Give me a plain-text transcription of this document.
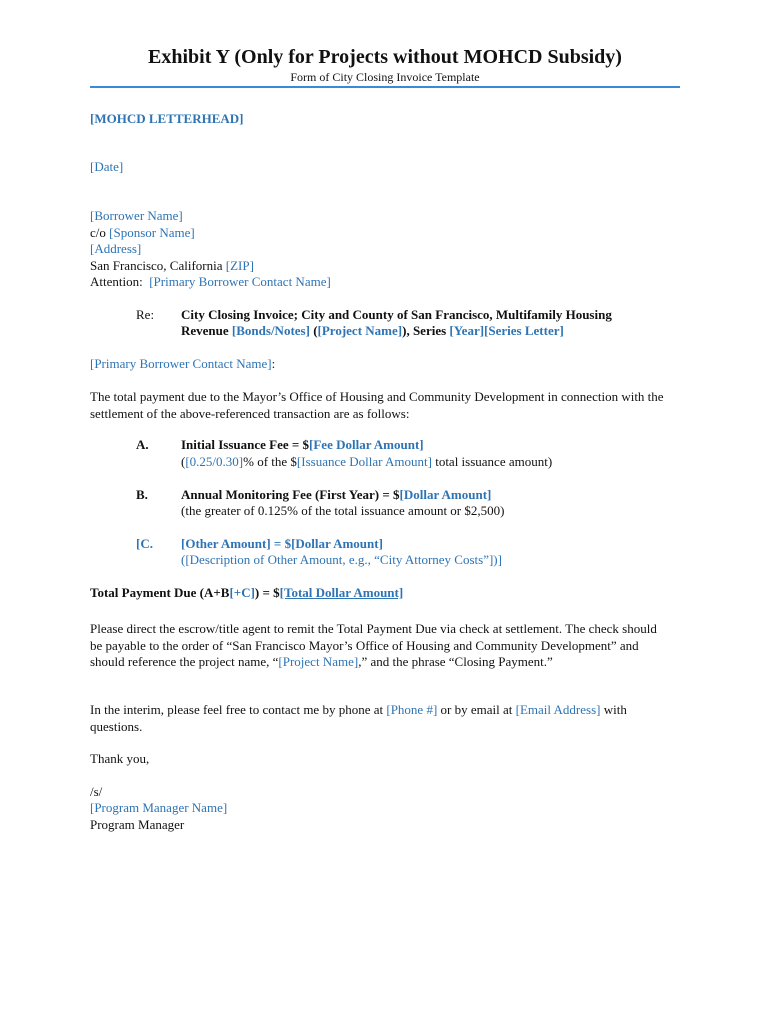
Exhibit Y (Only for Projects without MOHCD Subsidy)
Form of City Closing Invoice Template
[MOHCD LETTERHEAD]
[Date]
[Borrower Name]
c/o [Sponsor Name]
[Address]
San Francisco, California [ZIP]
Attention: [Primary Borrower Contact Name]
Re: City Closing Invoice; City and County of San Francisco, Multifamily Housing
Revenue [Bonds/Notes] ([Project Name]), Series [Year][Series Letter]
[Primary Borrower Contact Name]:
The total payment due to the Mayor’s Office of Housing and Community Development in connection with the settlement of the above-referenced transaction are as follows:
A. Initial Issuance Fee = $[Fee Dollar Amount]
([0.25/0.30]% of the $[Issuance Dollar Amount] total issuance amount)
B.	Annual Monitoring Fee (First Year) = $[Dollar Amount]
(the greater of 0.125% of the total issuance amount or $2,500)
[C. [Other Amount] = $[Dollar Amount]
([Description of Other Amount, e.g., “City Attorney Costs”])]
Total Payment Due (A+B[+C]) = $[Total Dollar Amount]
Please direct the escrow/title agent to remit the Total Payment Due via check at settlement. The check should be payable to the order of “San Francisco Mayor’s Office of Housing and Community Development” and should reference the project name, “[Project Name],” and the phrase “Closing Payment.”
In the interim, please feel free to contact me by phone at [Phone #] or by email at [Email Address] with questions.
Thank you,
/s/
[Program Manager Name]
Program Manager
